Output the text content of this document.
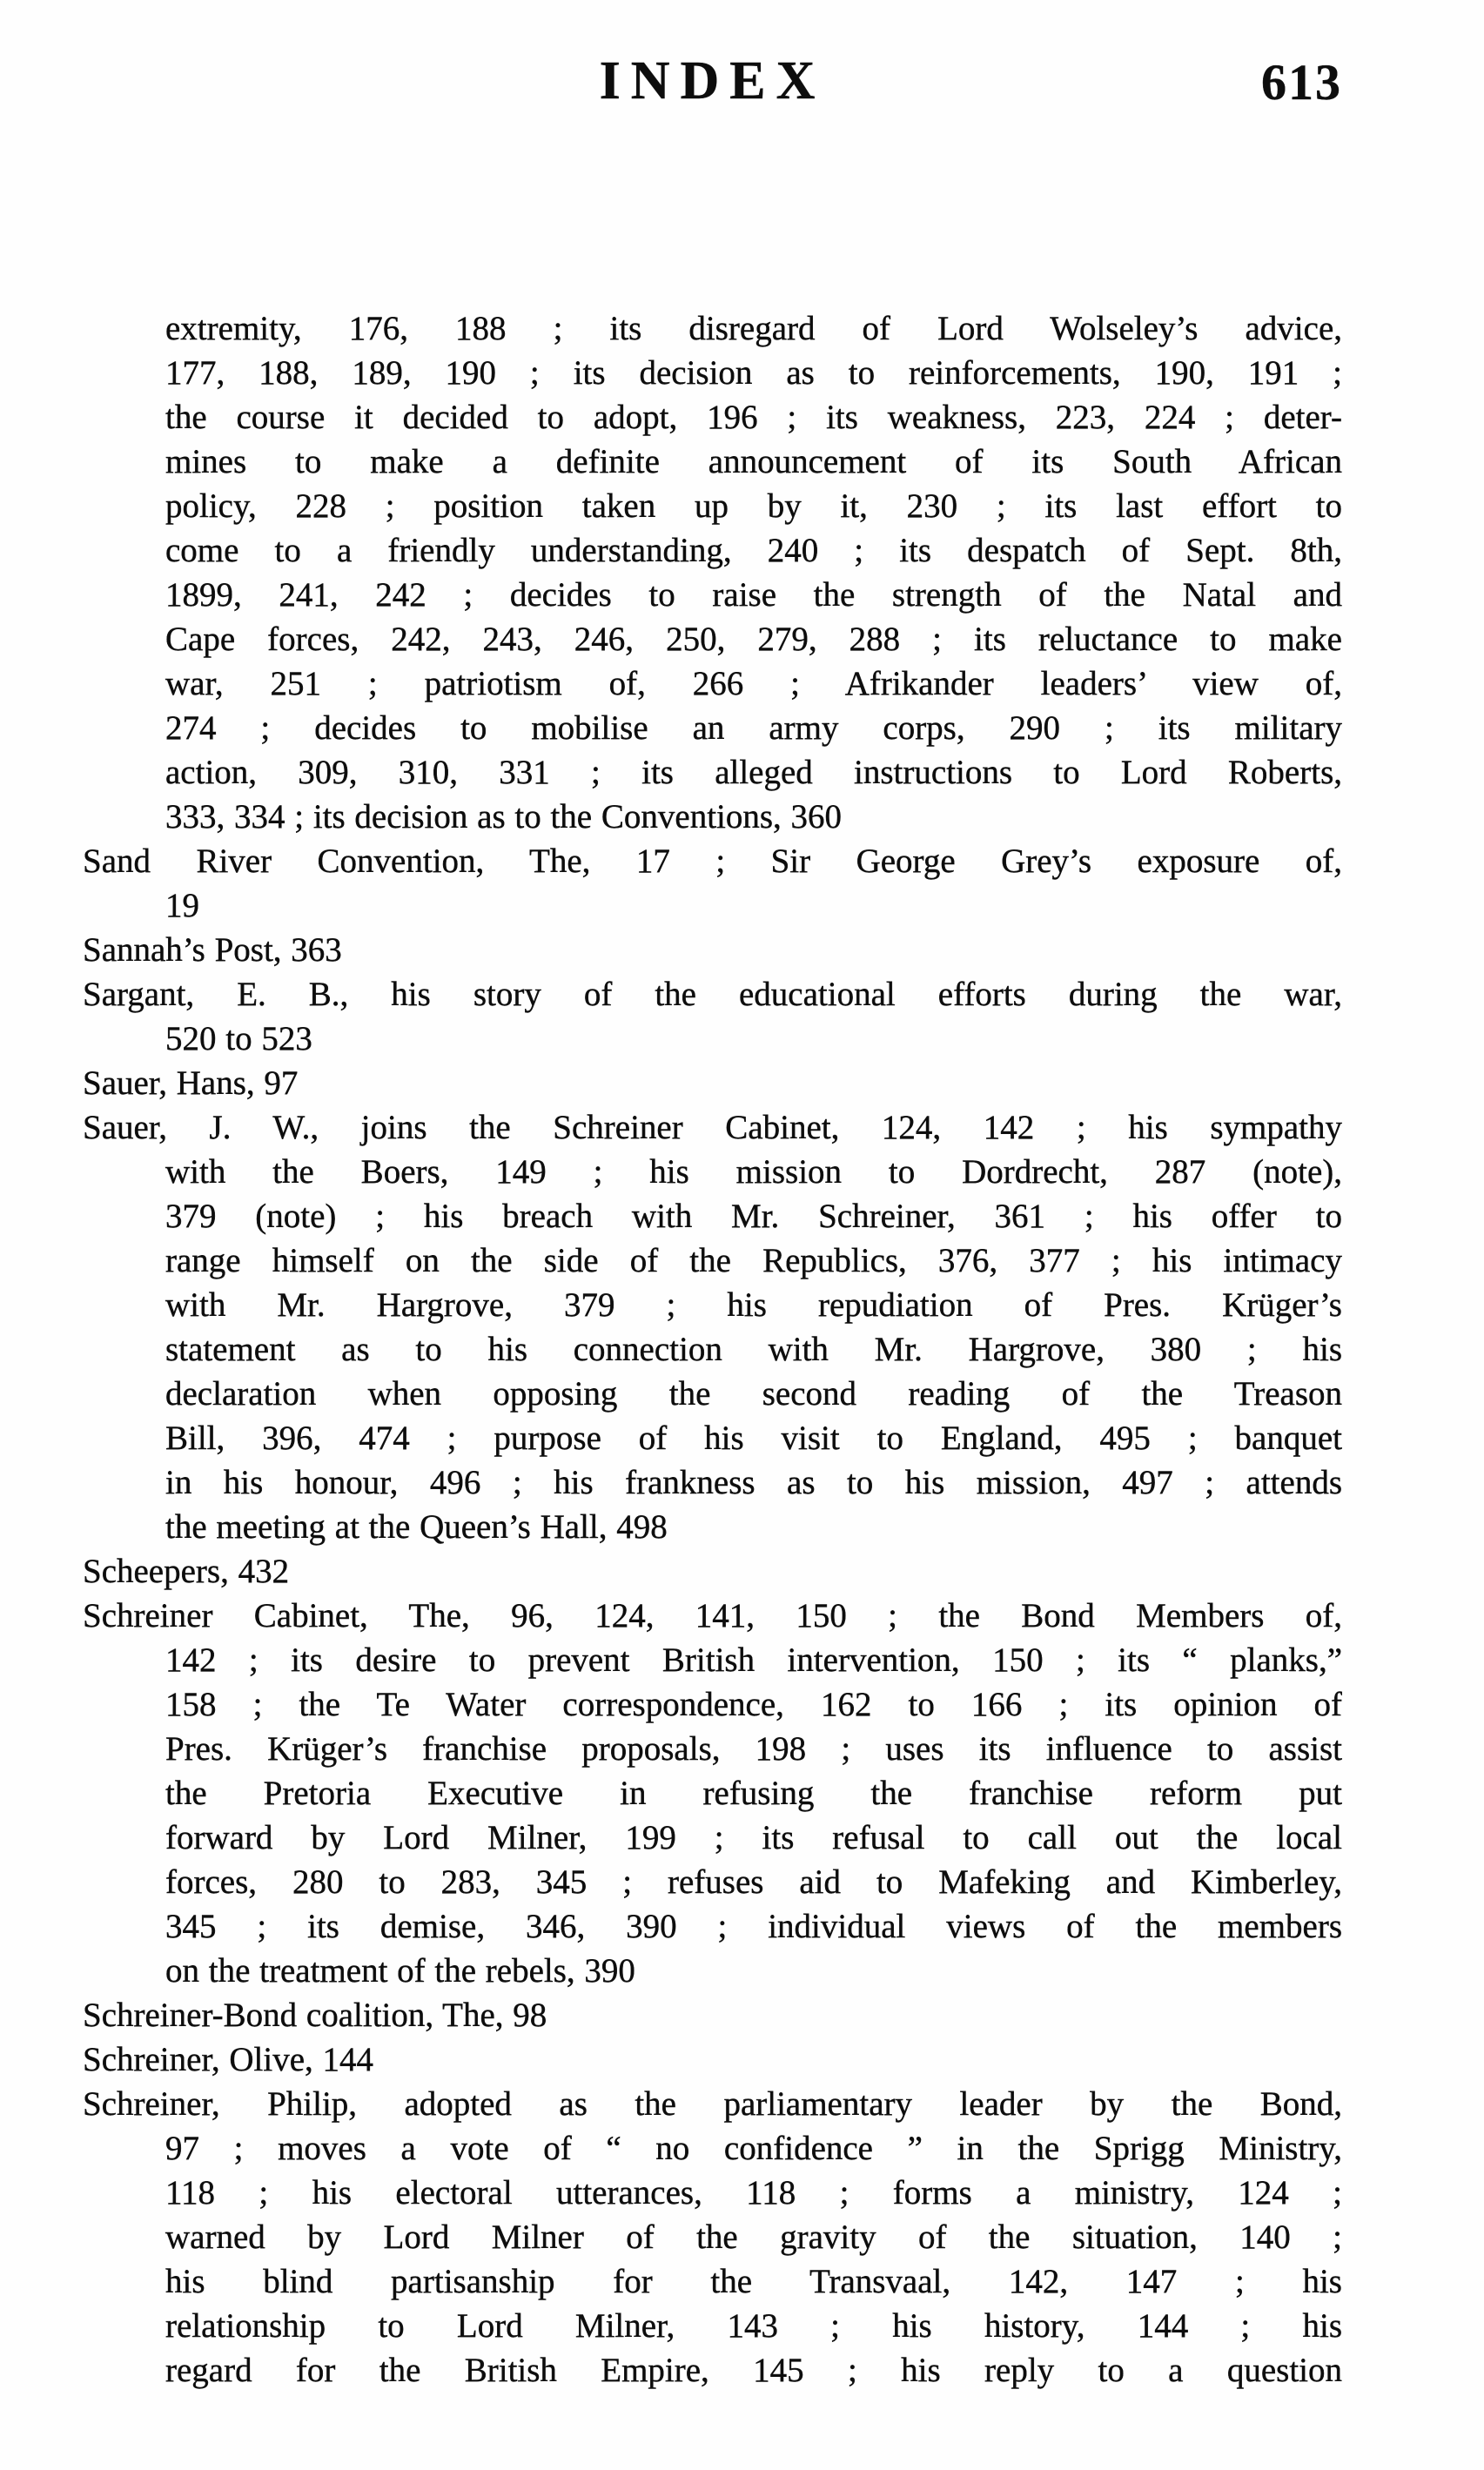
INDEX	613
extremity, 176, 188 ; its disregard of Lord Wolseley’s advice,
177, 188, 189, 190 ; its decision as to reinforcements, 190, 191 ;
the course it decided to adopt, 196 ; its weakness, 223, 224 ; deter-
mines to make a definite announcement of its South African
policy, 228 ; position taken up by it, 230 ; its last effort to
come to a friendly understanding, 240 ; its despatch of Sept. 8th,
1899, 241, 242 ; decides to raise the strength of the Natal and
Cape forces, 242, 243, 246, 250, 279, 288 ; its reluctance to make
war, 251 ; patriotism of, 266 ; Afrikander leaders’ view of,
274 ; decides to mobilise an army corps, 290 ; its military
action, 309, 310, 331 ; its alleged instructions to Lord Roberts,
333, 334 ; its decision as to the Conventions, 360
Sand River Convention, The, 17 ; Sir George Grey’s exposure of,
19
Sannah’s Post, 363
Sargant, E. B., his story of the educational efforts during the war,
520 to 523
Sauer, Hans, 97
Sauer, J. W., joins the Schreiner Cabinet, 124, 142 ; his sympathy
with the Boers, 149 ; his mission to Dordrecht, 287 (note),
379 (note) ; his breach with Mr. Schreiner, 361 ; his offer to
range himself on the side of the Republics, 376, 377 ; his intimacy
with Mr. Hargrove, 379 ; his repudiation of Pres. Krüger’s
statement as to his connection with Mr. Hargrove, 380 ; his
declaration when opposing the second reading of the Treason
Bill, 396, 474 ; purpose of his visit to England, 495 ; banquet
in his honour, 496 ; his frankness as to his mission, 497 ; attends
the meeting at the Queen’s Hall, 498
Scheepers, 432
Schreiner Cabinet, The, 96, 124, 141, 150 ; the Bond Members of,
142 ; its desire to prevent British intervention, 150 ; its “ planks,”
158 ; the Te Water correspondence, 162 to 166 ; its opinion of
Pres. Krüger’s franchise proposals, 198 ; uses its influence to assist
the Pretoria Executive in refusing the franchise reform put
forward by Lord Milner, 199 ; its refusal to call out the local
forces, 280 to 283, 345 ; refuses aid to Mafeking and Kimberley,
345 ; its demise, 346, 390 ; individual views of the members
on the treatment of the rebels, 390
Schreiner-Bond coalition, The, 98
Schreiner, Olive, 144
Schreiner, Philip, adopted as the parliamentary leader by the Bond,
97 ; moves a vote of “ no confidence ” in the Sprigg Ministry,
118 ; his electoral utterances, 118 ; forms a ministry, 124 ;
warned by Lord Milner of the gravity of the situation, 140 ;
his blind partisanship for the Transvaal, 142, 147 ; his
relationship to Lord Milner, 143 ; his history, 144 ; his
regard for the British Empire, 145 ; his reply to a question
